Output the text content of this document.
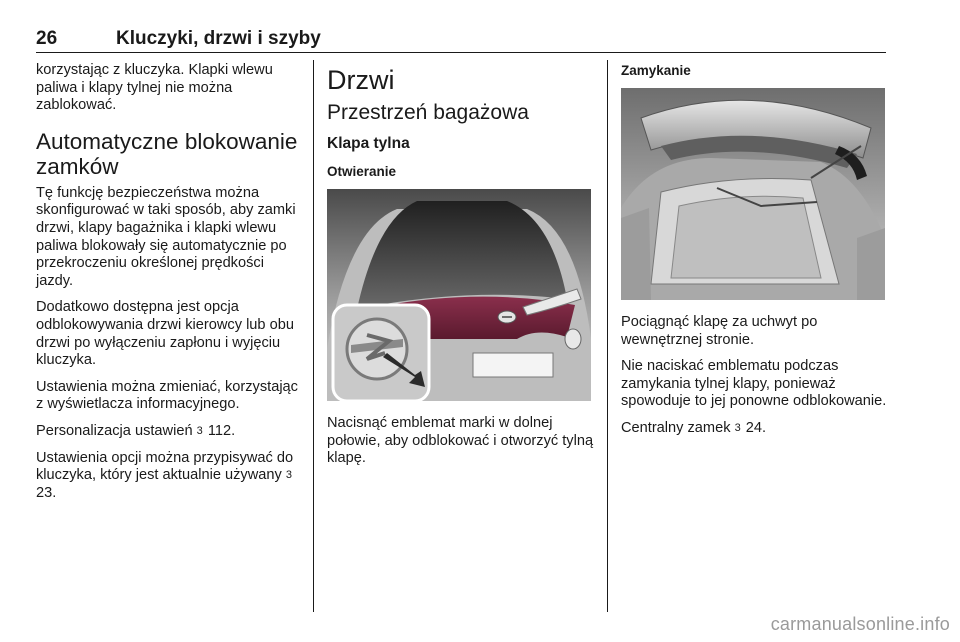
26	Kluczyki, drzwi i szyby

korzystając z kluczyka. Klapki wlewu paliwa i klapy tylnej nie można zablokować.

Automatyczne blokowanie zamków

Tę funkcję bezpieczeństwa można skonfigurować w taki sposób, aby zamki drzwi, klapy bagażnika i klapki wlewu paliwa blokowały się automatycznie po przekroczeniu określonej prędkości jazdy.

Dodatkowo dostępna jest opcja odblokowywania drzwi kierowcy lub obu drzwi po wyłączeniu zapłonu i wyjęciu kluczyka.

Ustawienia można zmieniać, korzystając z wyświetlacza informacyjnego.

Personalizacja ustawień 3 112.

Ustawienia opcji można przypisywać do kluczyka, który jest aktualnie używany 3 23.

Drzwi
Przestrzeń bagażowa
Klapa tylna
Otwieranie

Nacisnąć emblemat marki w dolnej połowie, aby odblokować i otworzyć tylną klapę.

Zamykanie

Pociągnąć klapę za uchwyt po wewnętrznej stronie.

Nie naciskać emblematu podczas zamykania tylnej klapy, ponieważ spowoduje to jej ponowne odblokowanie.

Centralny zamek 3 24.

carmanualsonline.info
